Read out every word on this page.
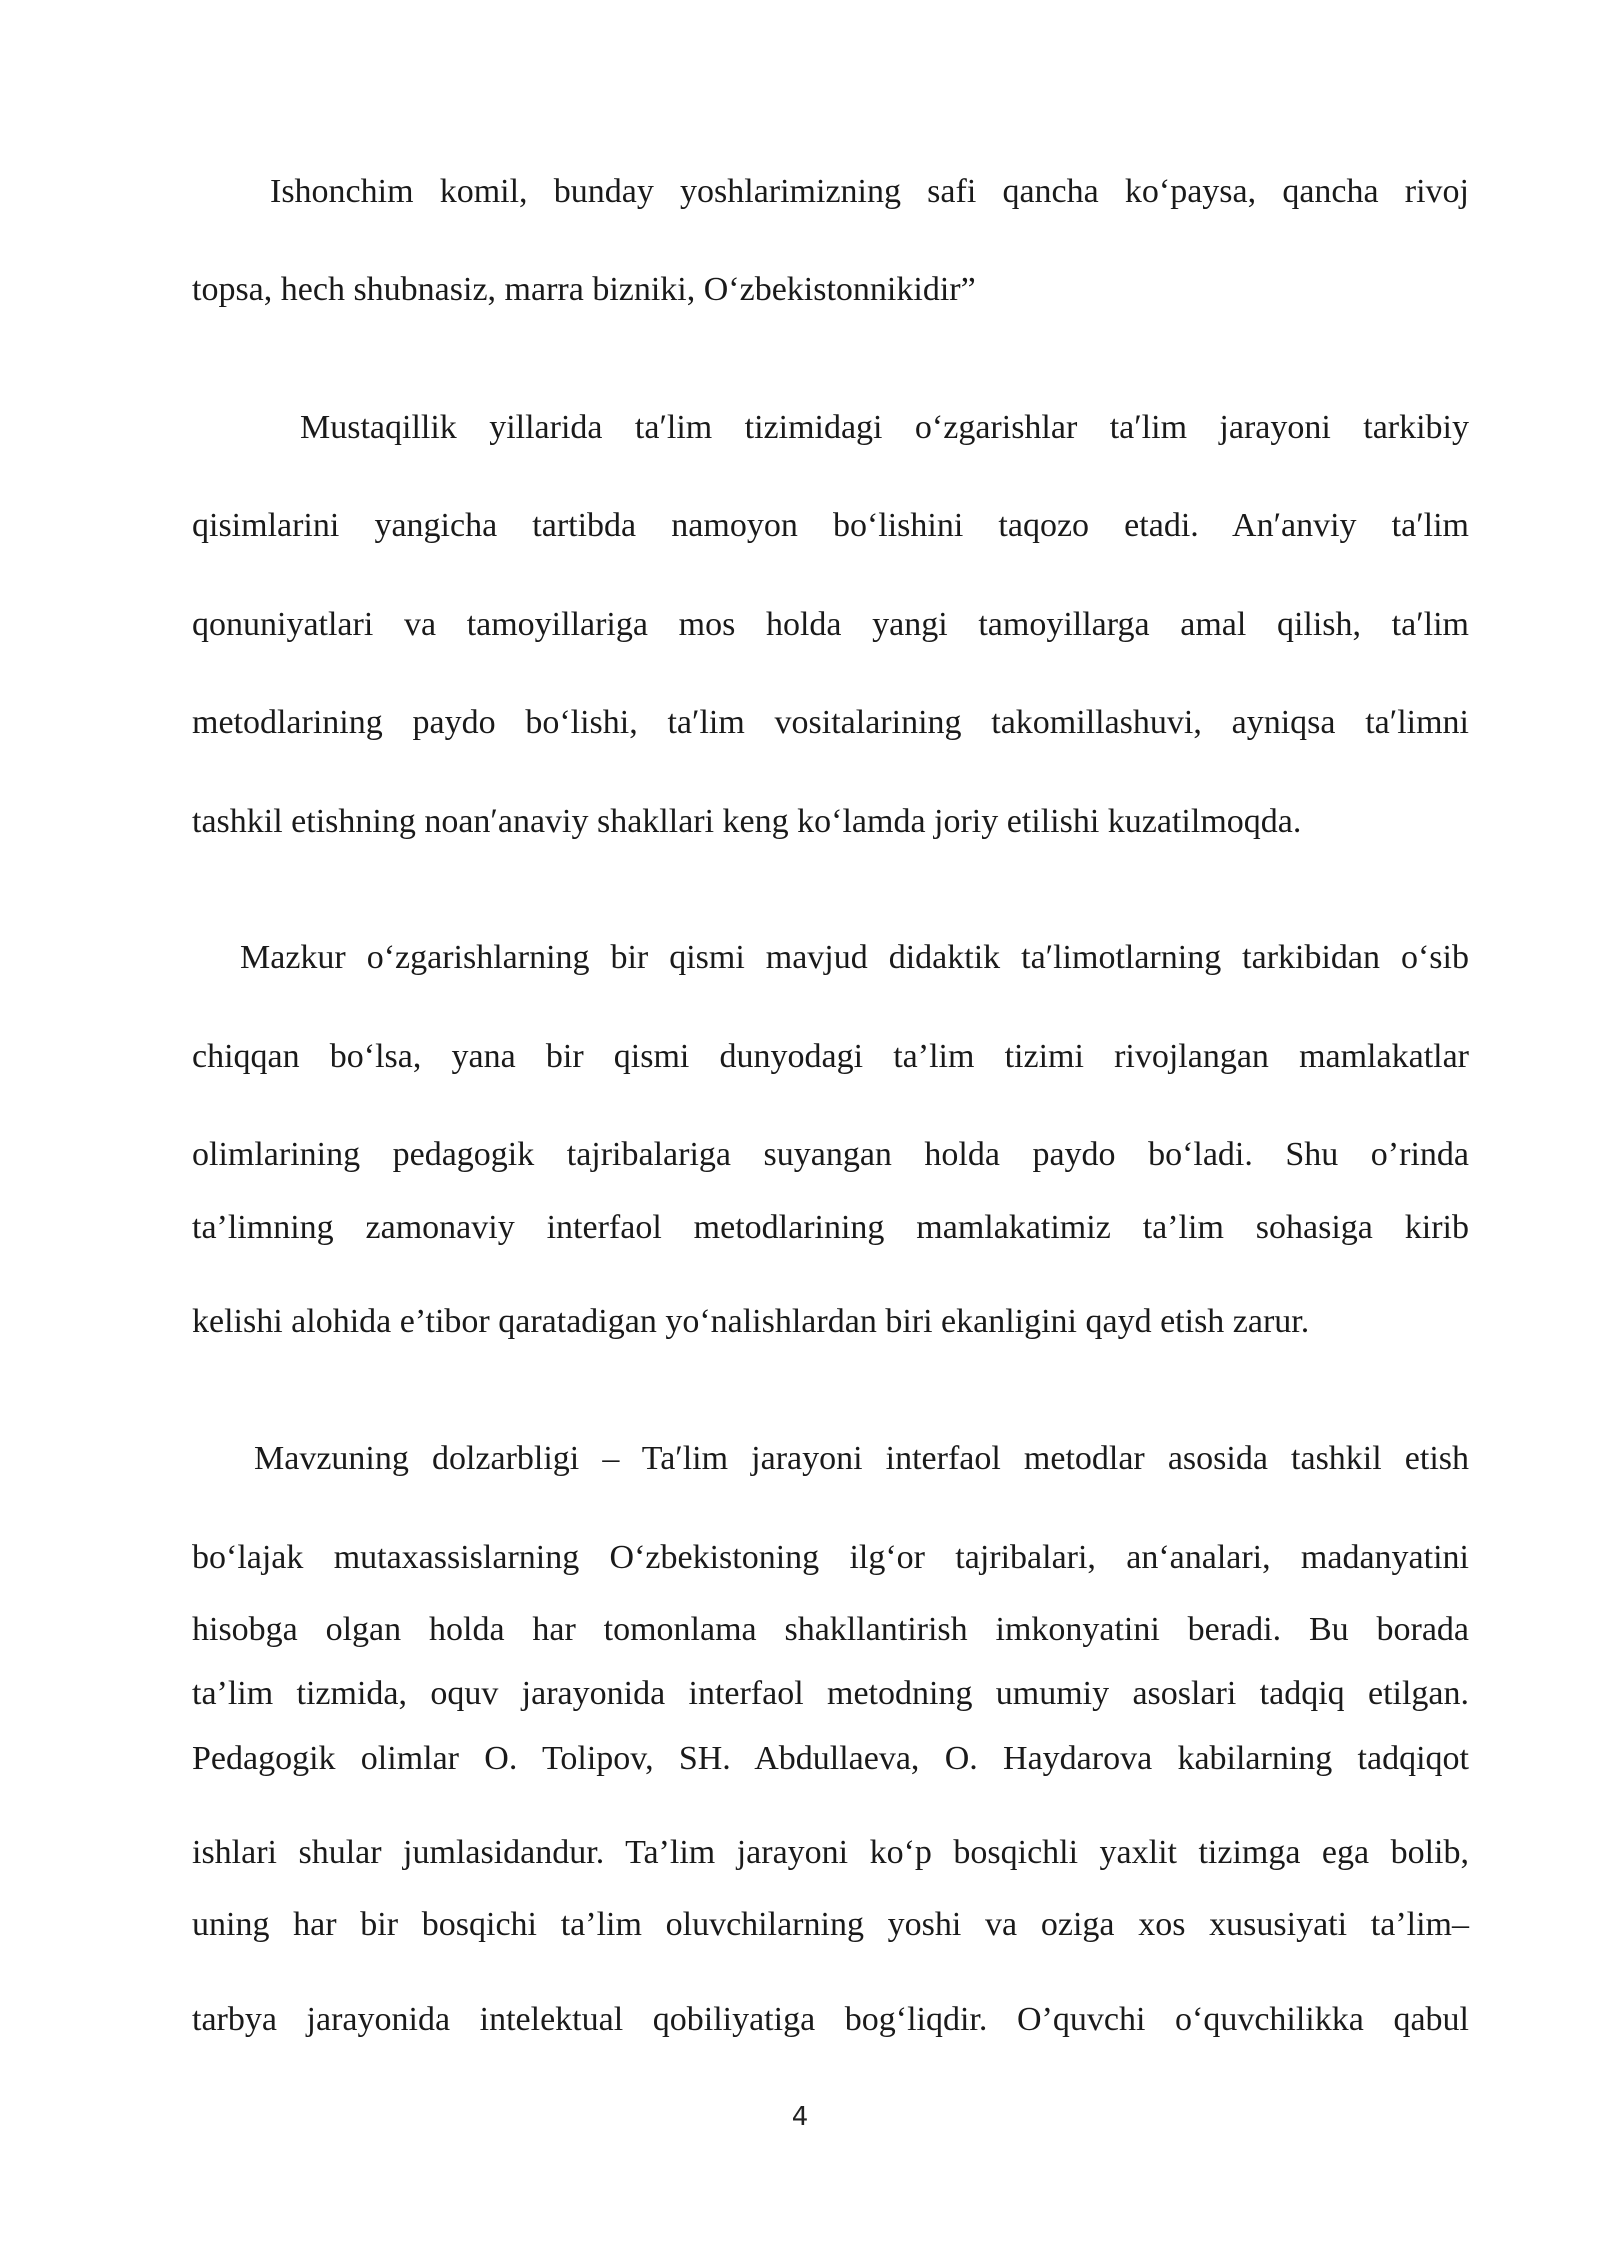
Ishonchim komil, bunday yoshlarimizning safi qancha koʻpaysa, qancha rivoj
topsa, hech shubnasiz, marra bizniki, Oʻzbekistonnikidir”
Mustaqillik yillarida taʹlim tizimidagi oʻzgarishlar taʹlim jarayoni tarkibiy
qisimlarini yangicha tartibda namoyon boʻlishini taqozo etadi. Anʹanviy taʹlim
qonuniyatlari va tamoyillariga mos holda yangi tamoyillarga amal qilish, taʹlim
metodlarining paydo boʻlishi, taʹlim vositalarining takomillashuvi, ayniqsa taʹlimni
tashkil etishning noanʹanaviy shakllari keng koʻlamda joriy etilishi kuzatilmoqda.
Mazkur oʻzgarishlarning bir qismi mavjud didaktik taʹlimotlarning tarkibidan oʻsib
chiqqan boʻlsa, yana bir qismi dunyodagi ta’lim tizimi rivojlangan mamlakatlar
olimlarining pedagogik tajribalariga suyangan holda paydo boʻladi. Shu o’rinda
ta’limning zamonaviy interfaol metodlarining mamlakatimiz ta’lim sohasiga kirib
kelishi alohida e’tibor qaratadigan yoʻnalishlardan biri ekanligini qayd etish zarur.
Mavzuning dolzarbligi – Taʹlim jarayoni interfaol metodlar asosida tashkil etish
boʻlajak mutaxassislarning Oʻzbekistoning ilgʻor tajribalari, anʻanalari, madanyatini
hisobga olgan holda har tomonlama shakllantirish imkonyatini beradi. Bu borada
ta’lim tizmida, oquv jarayonida interfaol metodning umumiy asoslari tadqiq etilgan.
Pedagogik olimlar O. Tolipov, SH. Abdullaeva, O. Haydarova kabilarning tadqiqot
ishlari shular jumlasidandur. Ta’lim jarayoni koʻp bosqichli yaxlit tizimga ega bolib,
uning har bir bosqichi ta’lim oluvchilarning yoshi va oziga xos xususiyati ta’lim–
tarbya jarayonida intelektual qobiliyatiga bogʻliqdir. O’quvchi oʻquvchilikka qabul
4
